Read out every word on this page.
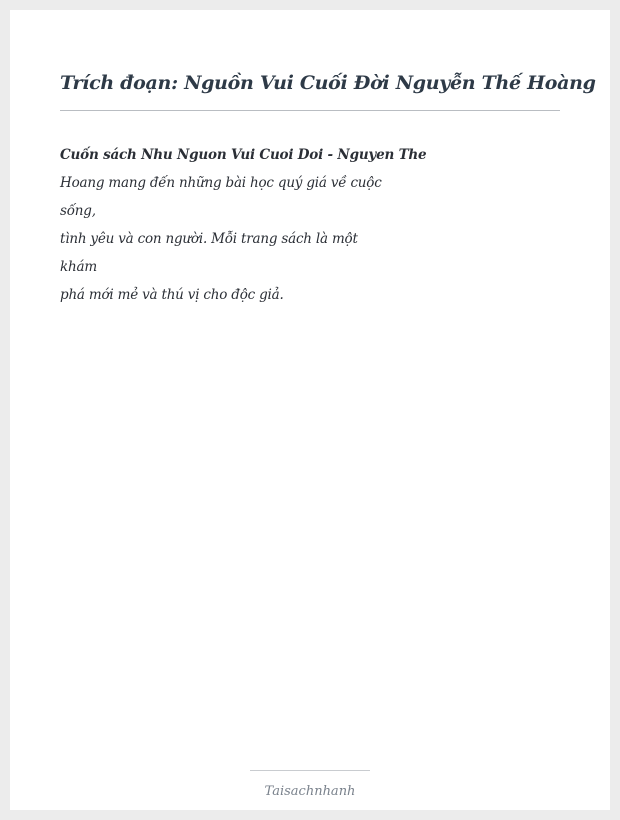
Trích đoạn: Nguồn Vui Cuối Đời Nguyễn Thế Hoàng
Cuốn sách Nhu Nguon Vui Cuoi Doi - Nguyen The
Hoang mang đến những bài học quý giá về cuộc
sống,
tình yêu và con người. Mỗi trang sách là một
khám
phá mới mẻ và thú vị cho độc giả.
Taisachnhanh
